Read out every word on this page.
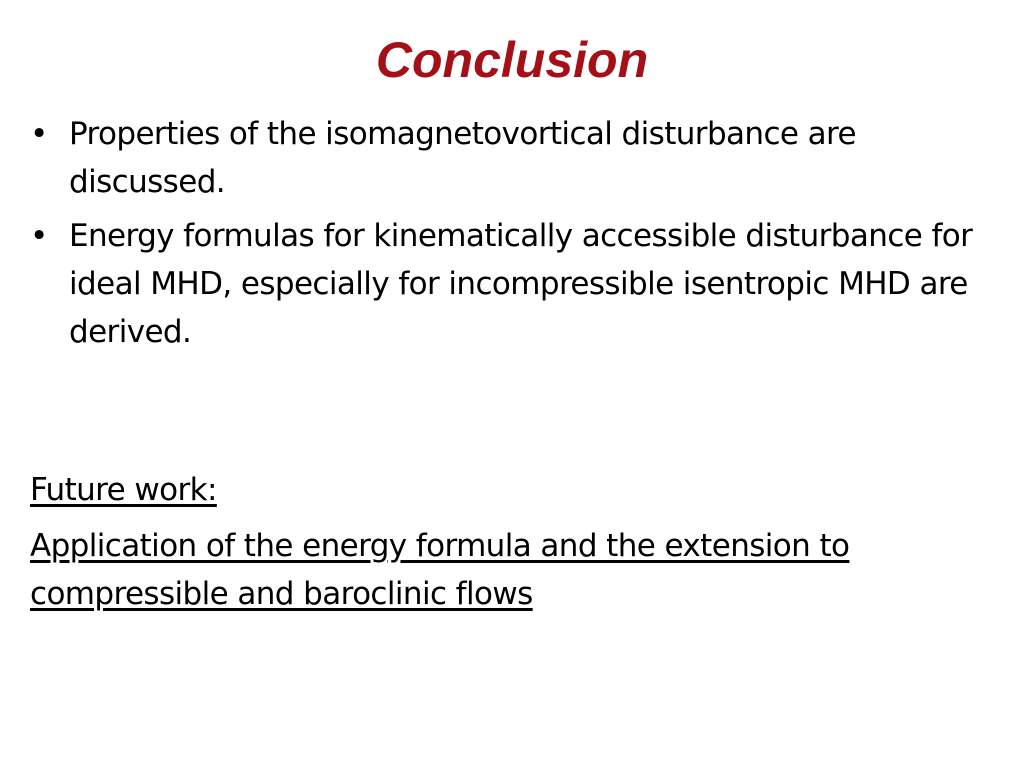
Conclusion
• Properties of the isomagnetovortical disturbance are discussed.
• Energy formulas for kinematically accessible disturbance for ideal MHD, especially for incompressible isentropic MHD are derived.

Future work:

Application of the energy formula and the extension to compressible and baroclinic flows
